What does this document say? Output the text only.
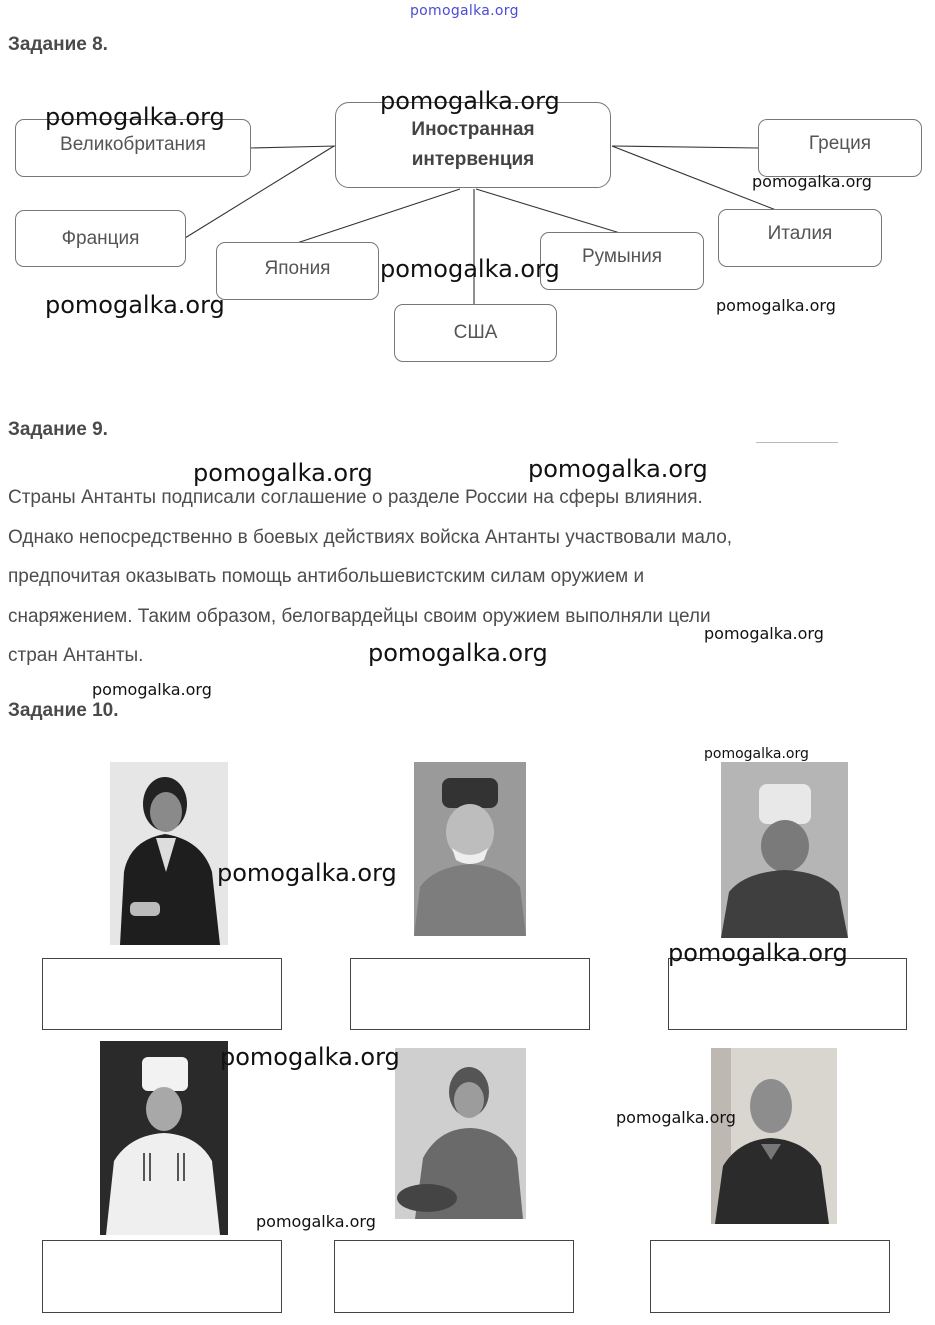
pomogalka.org
Задание 8.
Иностранная
интервенция
Великобритания
Франция
Япония
США
Румыния
Италия
Греция
Задание 9.
Страны Антанты подписали соглашение о разделе России на сферы влияния.
Однако непосредственно в боевых действиях войска Антанты участвовали мало,
предпочитая оказывать помощь антибольшевистским силам оружием и
снаряжением. Таким образом, белогвардейцы своим оружием выполняли цели
стран Антанты.
Задание 10.
pomogalka.org
pomogalka.org
pomogalka.org
pomogalka.org
pomogalka.org	pomogalka.org
pomogalka.org	pomogalka.org
pomogalka.org
pomogalka.org
pomogalka.org
pomogalka.org
pomogalka.org
pomogalka.org
pomogalka.org
pomogalka.org
pomogalka.org
